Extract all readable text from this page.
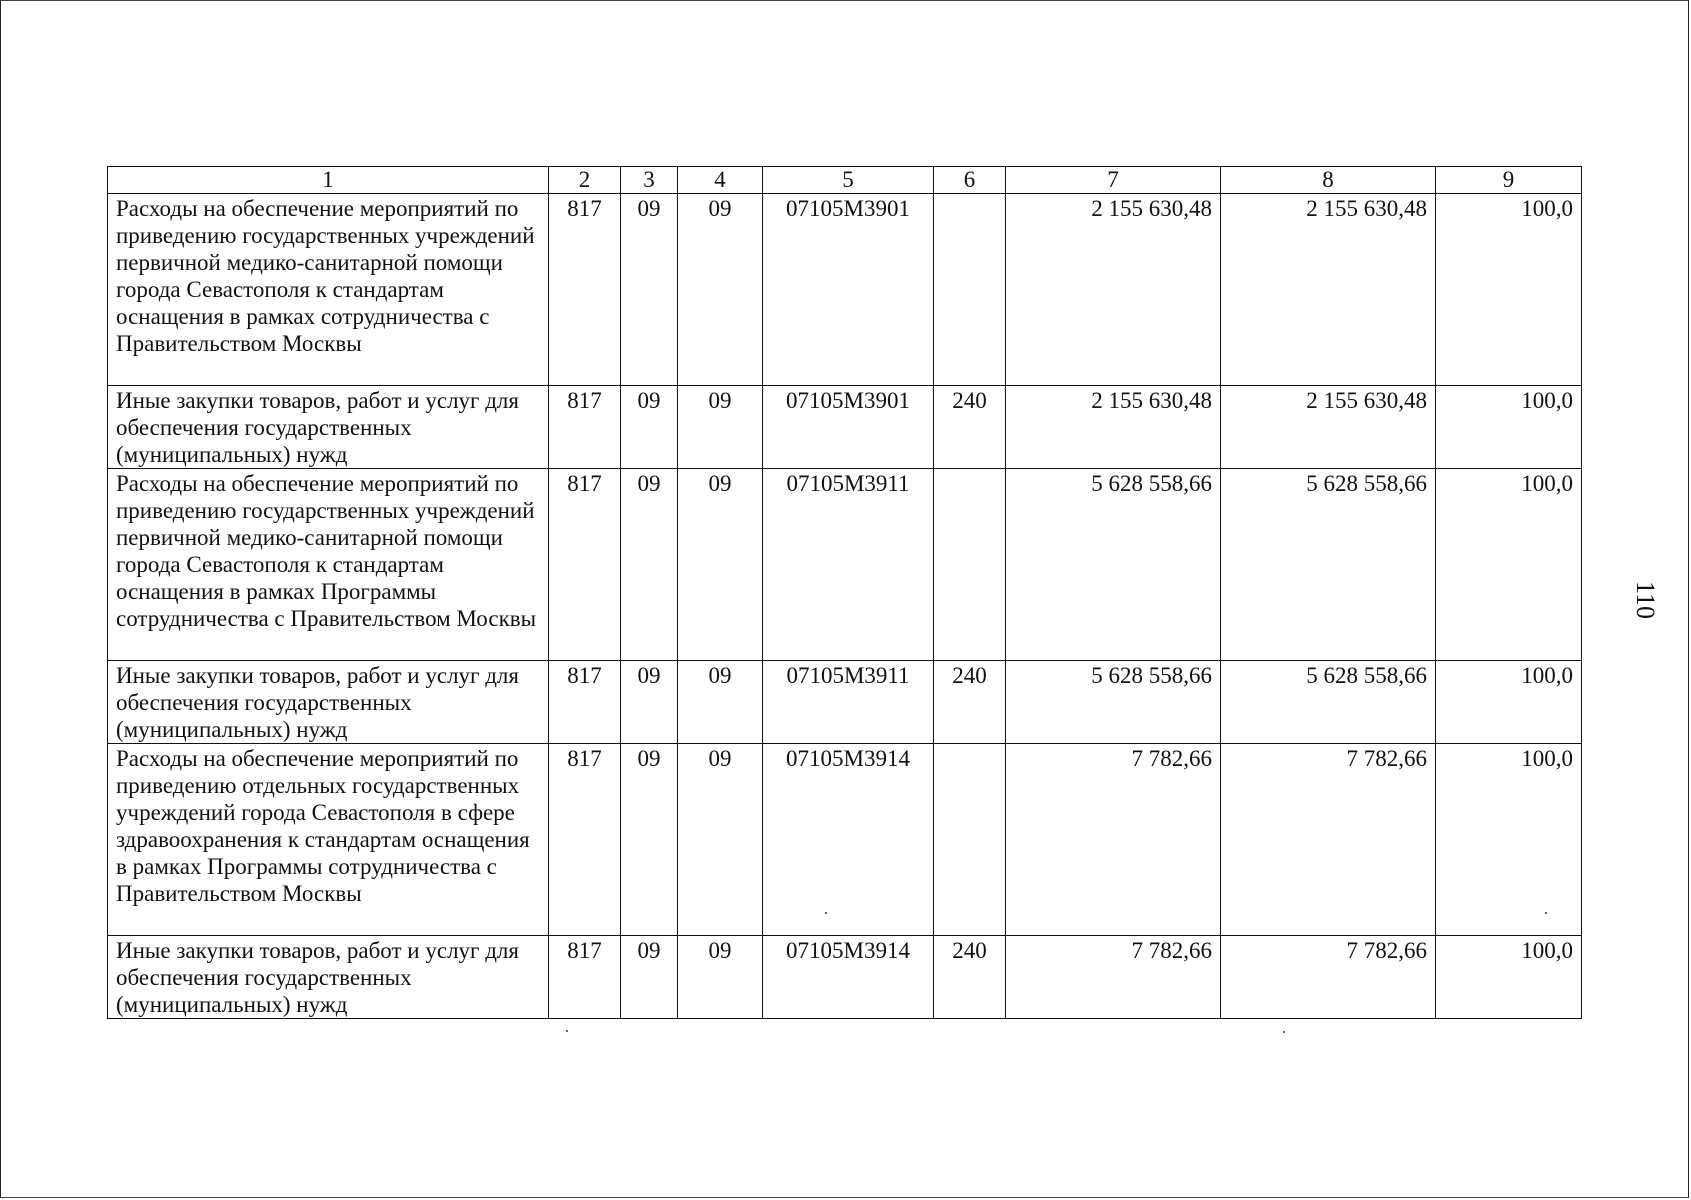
1	2	3	4	5	6	7	8	9
Расходы на обеспечение мероприятий по приведению государственных учреждений первичной медико-санитарной помощи города Севастополя к стандартам оснащения в рамках сотрудничества с Правительством Москвы	817	09	09	07105М3901		2 155 630,48	2 155 630,48	100,0
Иные закупки товаров, работ и услуг для обеспечения государственных (муниципальных) нужд	817	09	09	07105М3901	240	2 155 630,48	2 155 630,48	100,0
Расходы на обеспечение мероприятий по приведению государственных учреждений первичной медико-санитарной помощи города Севастополя к стандартам оснащения в рамках Программы сотрудничества с Правительством Москвы	817	09	09	07105М3911		5 628 558,66	5 628 558,66	100,0
Иные закупки товаров, работ и услуг для обеспечения государственных (муниципальных) нужд	817	09	09	07105М3911	240	5 628 558,66	5 628 558,66	100,0
Расходы на обеспечение мероприятий по приведению отдельных государственных учреждений города Севастополя в сфере здравоохранения к стандартам оснащения в рамках Программы сотрудничества с Правительством Москвы	817	09	09	07105М3914		7 782,66	7 782,66	100,0
Иные закупки товаров, работ и услуг для обеспечения государственных (муниципальных) нужд	817	09	09	07105М3914	240	7 782,66	7 782,66	100,0
110
